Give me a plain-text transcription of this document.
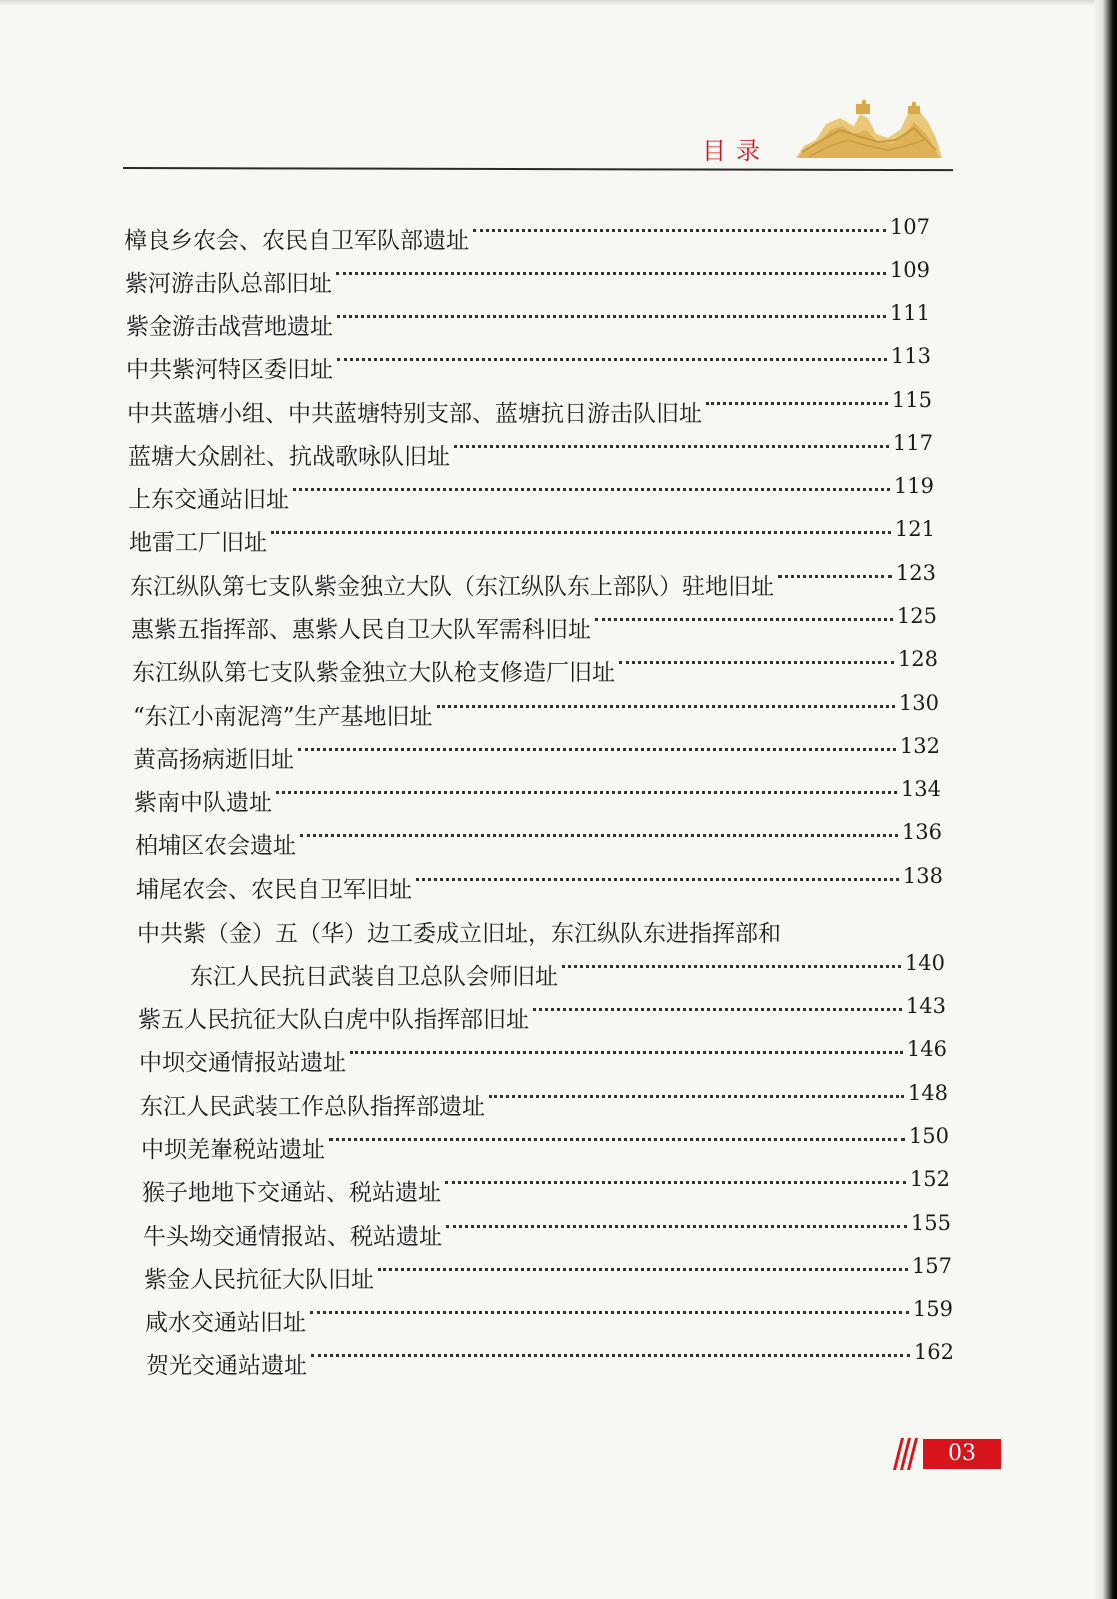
目录
樟良乡农会、农民自卫军队部遗址
107
紫河游击队总部旧址
109
紫金游击战营地遗址
111
中共紫河特区委旧址
113
中共蓝塘小组、中共蓝塘特别支部、蓝塘抗日游击队旧址
115
蓝塘大众剧社、抗战歌咏队旧址
117
上东交通站旧址
119
地雷工厂旧址
121
东江纵队第七支队紫金独立大队（东江纵队东上部队）驻地旧址
123
惠紫五指挥部、惠紫人民自卫大队军需科旧址
125
东江纵队第七支队紫金独立大队枪支修造厂旧址
128
“东江小南泥湾”生产基地旧址
130
黄高扬病逝旧址
132
紫南中队遗址
134
柏埔区农会遗址
136
埔尾农会、农民自卫军旧址
138
中共紫（金）五（华）边工委成立旧址，东江纵队东进指挥部和
东江人民抗日武装自卫总队会师旧址
140
紫五人民抗征大队白虎中队指挥部旧址
143
中坝交通情报站遗址
146
东江人民武装工作总队指挥部遗址
148
中坝羌輋税站遗址
150
猴子地地下交通站、税站遗址
152
牛头坳交通情报站、税站遗址
155
紫金人民抗征大队旧址
157
咸水交通站旧址
159
贺光交通站遗址
162
03
